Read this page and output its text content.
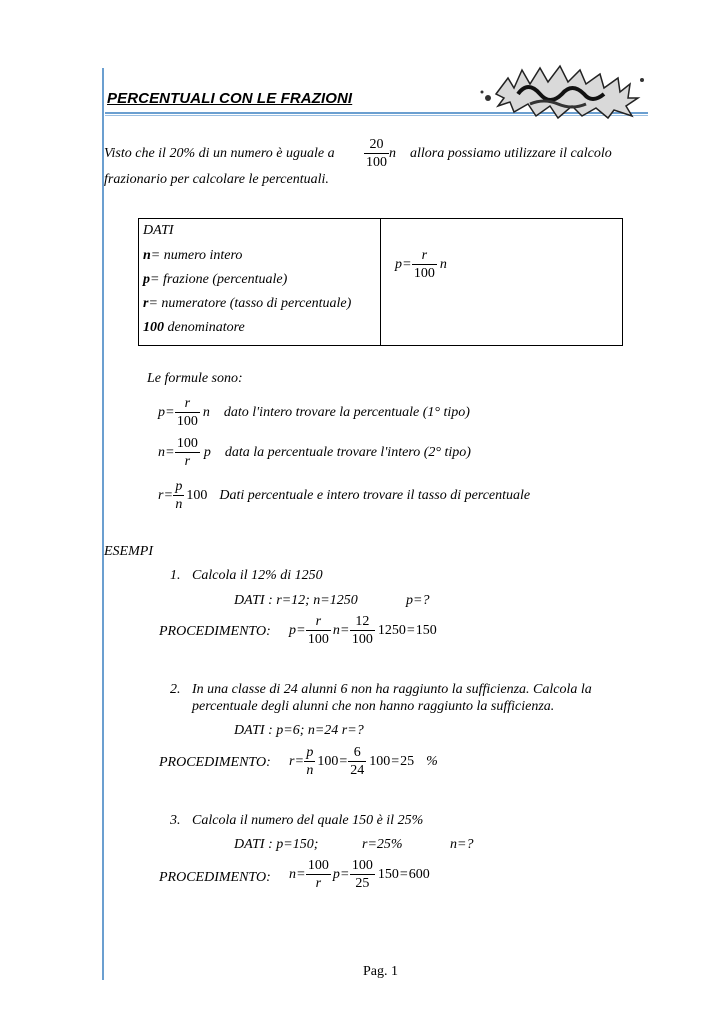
PERCENTUALI CON LE FRAZIONI
Visto che il 20% di un numero è uguale a $\frac{20}{100}$ n allora possiamo utilizzare il calcolo
frazionario per calcolare le percentuali.
DATI
n= numero intero
p= frazione (percentuale)
r= numeratore (tasso di percentuale)
100 denominatore
$p = \frac{r}{100}$ n
Le formule sono:
$p = \frac{r}{100}$ n dato l'intero trovare la percentuale (1° tipo)
$n = \frac{100}{r}$ p data la percentuale trovare l'intero (2° tipo)
$r = \frac{p}{n} 100$ Dati percentuale e intero trovare il tasso di percentuale
ESEMPI
1. Calcola il 12% di 1250
DATI : r=12; n=1250	p=?
PROCEDIMENTO: $p = \frac{r}{100}$ $n = \frac{12}{100} 1250 = 150$
2. In una classe di 24 alunni 6 non ha raggiunto la sufficienza. Calcola la
percentuale degli alunni che non hanno raggiunto la sufficienza.
DATI : p=6; n=24 r=?
PROCEDIMENTO: $r = \frac{p}{n} 100 = \frac{6}{24} 100 = 25$ %
3. Calcola il numero del quale 150 è il 25%
DATI : p=150;	r=25%	n=?
PROCEDIMENTO: $n = \frac{100}{r}$ $p = \frac{100}{25} 150 = 600$
Pag. 1
